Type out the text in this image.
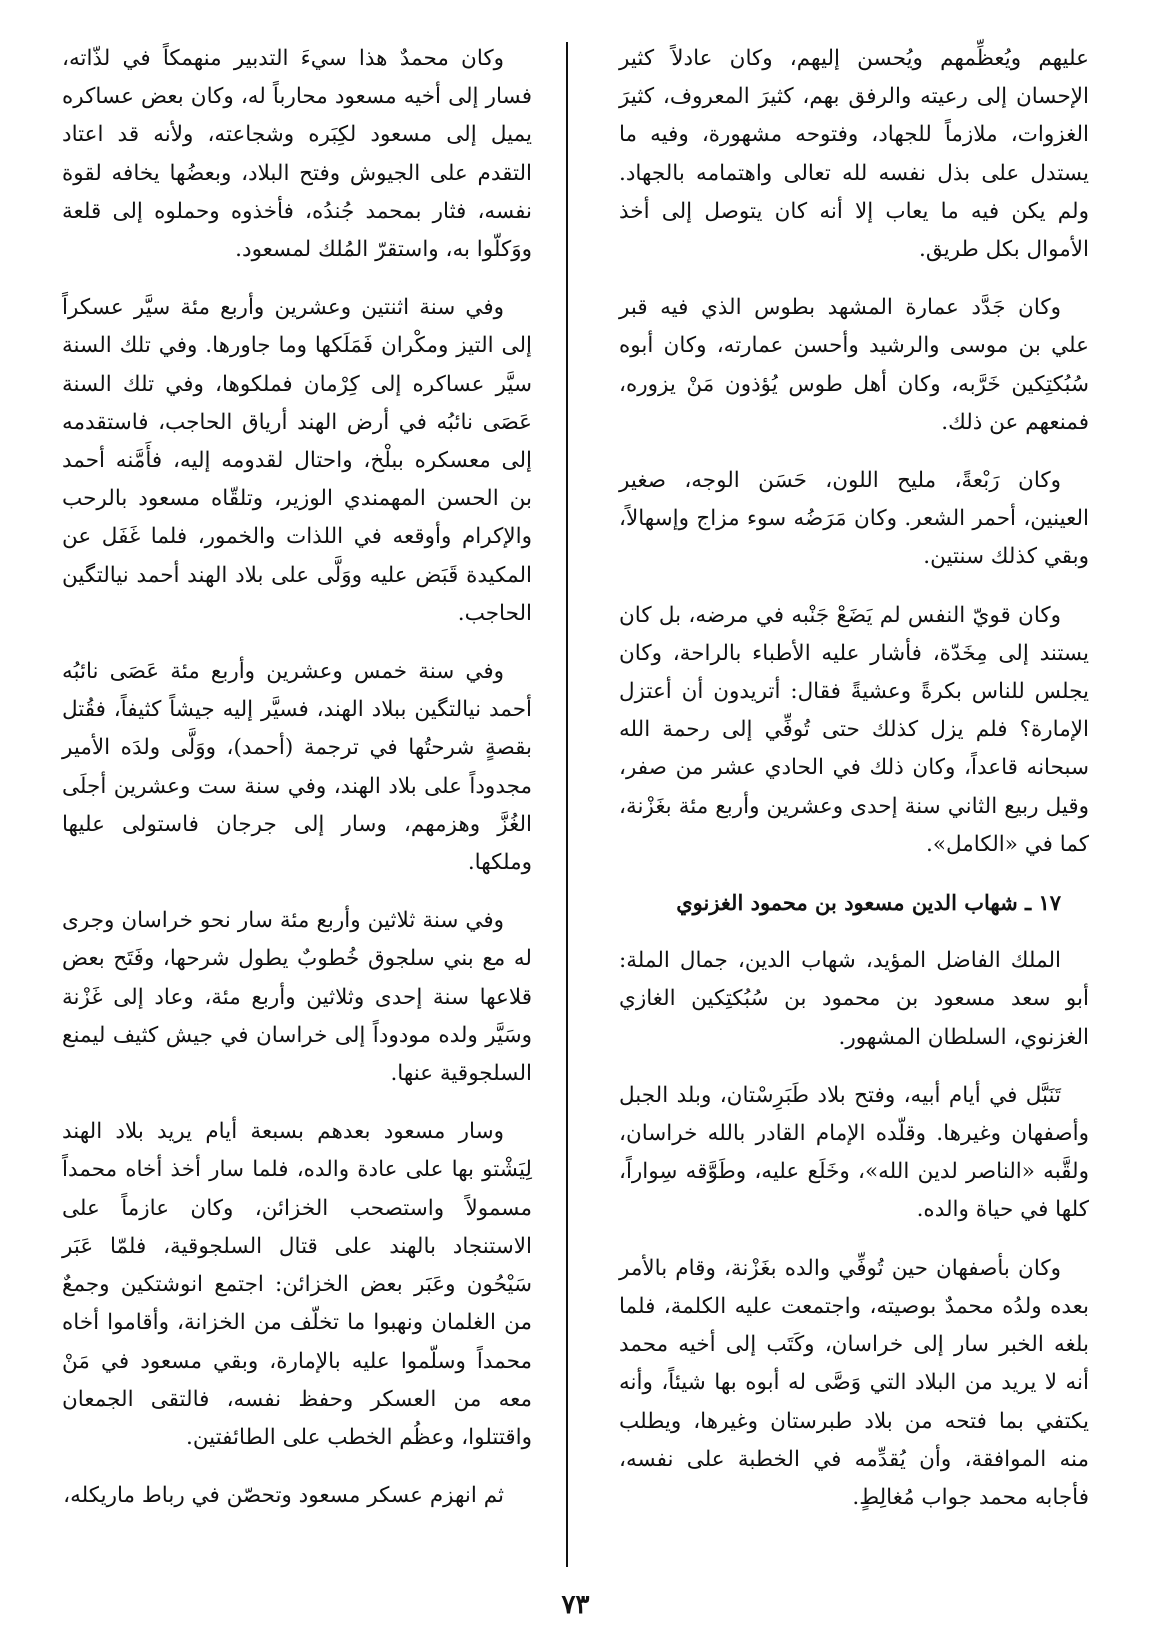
عليهم ويُعظِّمهم ويُحسن إليهم، وكان عادلاً كثير الإحسان إلى رعيته والرفق بهم، كثيرَ المعروف، كثيرَ الغزوات، ملازماً للجهاد، وفتوحه مشهورة، وفيه ما يستدل على بذل نفسه لله تعالى واهتمامه بالجهاد. ولم يكن فيه ما يعاب إلا أنه كان يتوصل إلى أخذ الأموال بكل طريق.

وكان جَدَّد عمارة المشهد بطوس الذي فيه قبر علي بن موسى والرشيد وأحسن عمارته، وكان أبوه سُبُكتِكين خَرَّبه، وكان أهل طوس يُؤذون مَنْ يزوره، فمنعهم عن ذلك.

وكان رَبْعةً، مليح اللون، حَسَن الوجه، صغير العينين، أحمر الشعر. وكان مَرَضُه سوء مزاج وإسهالاً، وبقي كذلك سنتين.

وكان قويّ النفس لم يَضَعْ جَنْبه في مرضه، بل كان يستند إلى مِخَدّة، فأشار عليه الأطباء بالراحة، وكان يجلس للناس بكرةً وعشيةً فقال: أتريدون أن أعتزل الإمارة؟ فلم يزل كذلك حتى تُوفِّي إلى رحمة الله سبحانه قاعداً، وكان ذلك في الحادي عشر من صفر، وقيل ربيع الثاني سنة إحدى وعشرين وأربع مئة بغَزْنة، كما في «الكامل».

١٧ ـ شهاب الدين مسعود بن محمود الغزنوي

الملك الفاضل المؤيد، شهاب الدين، جمال الملة: أبو سعد مسعود بن محمود بن سُبُكتِكين الغازي الغزنوي، السلطان المشهور.

تَنَبَّل في أيام أبيه، وفتح بلاد طَبَرِسْتان، وبلد الجبل وأصفهان وغيرها. وقلّده الإمام القادر بالله خراسان، ولقَّبه «الناصر لدين الله»، وخَلَع عليه، وطَوَّقه سِواراً، كلها في حياة والده.

وكان بأصفهان حين تُوفِّي والده بغَزْنة، وقام بالأمر بعده ولدُه محمدٌ بوصيته، واجتمعت عليه الكلمة، فلما بلغه الخبر سار إلى خراسان، وكَتَب إلى أخيه محمد أنه لا يريد من البلاد التي وَصَّى له أبوه بها شيئاً، وأنه يكتفي بما فتحه من بلاد طبرستان وغيرها، ويطلب منه الموافقة، وأن يُقدِّمه في الخطبة على نفسه، فأجابه محمد جواب مُغالِطٍ.

وكان محمدٌ هذا سيءَ التدبير منهمكاً في لذّاته، فسار إلى أخيه مسعود محارباً له، وكان بعض عساكره يميل إلى مسعود لكِبَره وشجاعته، ولأنه قد اعتاد التقدم على الجيوش وفتح البلاد، وبعضُها يخافه لقوة نفسه، فثار بمحمد جُندُه، فأخذوه وحملوه إلى قلعة ووَكلّوا به، واستقرّ المُلك لمسعود.

وفي سنة اثنتين وعشرين وأربع مئة سيَّر عسكراً إلى التيز ومكْران فَمَلَكها وما جاورها. وفي تلك السنة سيَّر عساكره إلى كِرْمان فملكوها، وفي تلك السنة عَصَى نائبُه في أرض الهند أرياق الحاجب، فاستقدمه إلى معسكره ببلْخ، واحتال لقدومه إليه، فأَمَّنه أحمد بن الحسن المهمندي الوزير، وتلقّاه مسعود بالرحب والإكرام وأوقعه في اللذات والخمور، فلما غَفَل عن المكيدة قَبَض عليه ووَلَّى على بلاد الهند أحمد نيالتگين الحاجب.

وفي سنة خمس وعشرين وأربع مئة عَصَى نائبُه أحمد نيالتگين ببلاد الهند، فسيَّر إليه جيشاً كثيفاً، فقُتل بقصةٍ شرحتُها في ترجمة (أحمد)، ووَلَّى ولدَه الأمير مجدوداً على بلاد الهند، وفي سنة ست وعشرين أجلَى الغُزَّ وهزمهم، وسار إلى جرجان فاستولى عليها وملكها.

وفي سنة ثلاثين وأربع مئة سار نحو خراسان وجرى له مع بني سلجوق خُطوبٌ يطول شرحها، وفَتَح بعض قلاعها سنة إحدى وثلاثين وأربع مئة، وعاد إلى غَزْنة وسَيَّر ولده مودوداً إلى خراسان في جيش كثيف ليمنع السلجوقية عنها.

وسار مسعود بعدهم بسبعة أيام يريد بلاد الهند لِيَشْتو بها على عادة والده، فلما سار أخذ أخاه محمداً مسمولاً واستصحب الخزائن، وكان عازماً على الاستنجاد بالهند على قتال السلجوقية، فلمّا عَبَر سَيْحُون وعَبَر بعض الخزائن: اجتمع انوشتكين وجمعٌ من الغلمان ونهبوا ما تخلّف من الخزانة، وأقاموا أخاه محمداً وسلّموا عليه بالإمارة، وبقي مسعود في مَنْ معه من العسكر وحفظ نفسه، فالتقى الجمعان واقتتلوا، وعظُم الخطب على الطائفتين.

ثم انهزم عسكر مسعود وتحصّن في رباط ماريكله،

٧٣
